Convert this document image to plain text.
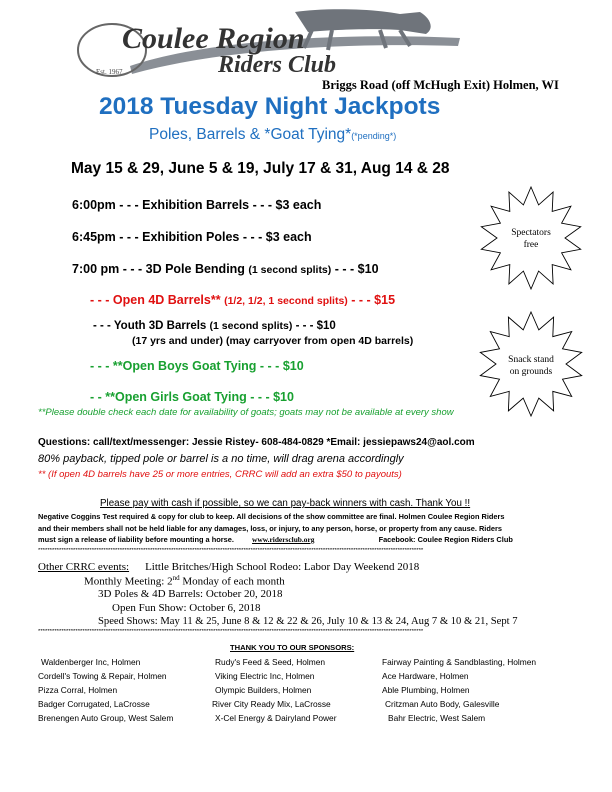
Coulee Region
Riders Club
Est. 1967
Briggs Road (off McHugh Exit) Holmen, WI
2018 Tuesday Night Jackpots
Poles, Barrels & *Goat Tying*(*pending*)
May 15 & 29, June 5 & 19, July 17 & 31, Aug 14 & 28
6:00pm - - - Exhibition Barrels - - - $3 each
6:45pm - - - Exhibition Poles - - - $3 each
7:00 pm - - - 3D Pole Bending (1 second splits) - - - $10
- - - Open 4D Barrels** (1/2, 1/2, 1 second splits) - - - $15
- - - Youth 3D Barrels (1 second splits) - - - $10
(17 yrs and under) (may carryover from open 4D barrels)
- - - **Open Boys Goat Tying - - - $10
- - **Open Girls Goat Tying - - - $10
Spectators
free
Snack stand
on grounds
**Please double check each date for availability of goats; goats may not be available at every show
Questions: call/text/messenger: Jessie Ristey- 608-484-0829 *Email: jessiepaws24@aol.com
80% payback, tipped pole or barrel is a no time, will drag arena accordingly
** (If open 4D barrels have 25 or more entries, CRRC will add an extra $50 to payouts)
Please pay with cash if possible, so we can pay-back winners with cash. Thank You !!
Negative Coggins Test required & copy for club to keep. All decisions of the show committee are final. Holmen Coulee Region Riders
and their members shall not be held liable for any damages, loss, or injury, to any person, horse, or property from any cause. Riders
must sign a release of liability before mounting a horse. www.ridersclub.org	Facebook: Coulee Region Riders Club
*********************************************************************************************************************************************************************
Other CRRC events: Little Britches/High School Rodeo: Labor Day Weekend 2018
Monthly Meeting: 2nd Monday of each month
3D Poles & 4D Barrels: October 20, 2018
Open Fun Show: October 6, 2018
Speed Shows: May 11 & 25, June 8 & 12 & 22 & 26, July 10 & 13 & 24, Aug 7 & 10 & 21, Sept 7
*********************************************************************************************************************************************************************
THANK YOU TO OUR SPONSORS:
Waldenberger Inc, Holmen	Rudy's Feed & Seed, Holmen	Fairway Painting & Sandblasting, Holmen
Cordell's Towing & Repair, Holmen	Viking Electric Inc, Holmen	Ace Hardware, Holmen
Pizza Corral, Holmen	Olympic Builders, Holmen	Able Plumbing, Holmen
Badger Corrugated, LaCrosse	River City Ready Mix, LaCrosse	Critzman Auto Body, Galesville
Brenengen Auto Group, West Salem	X-Cel Energy & Dairyland Power	Bahr Electric, West Salem
